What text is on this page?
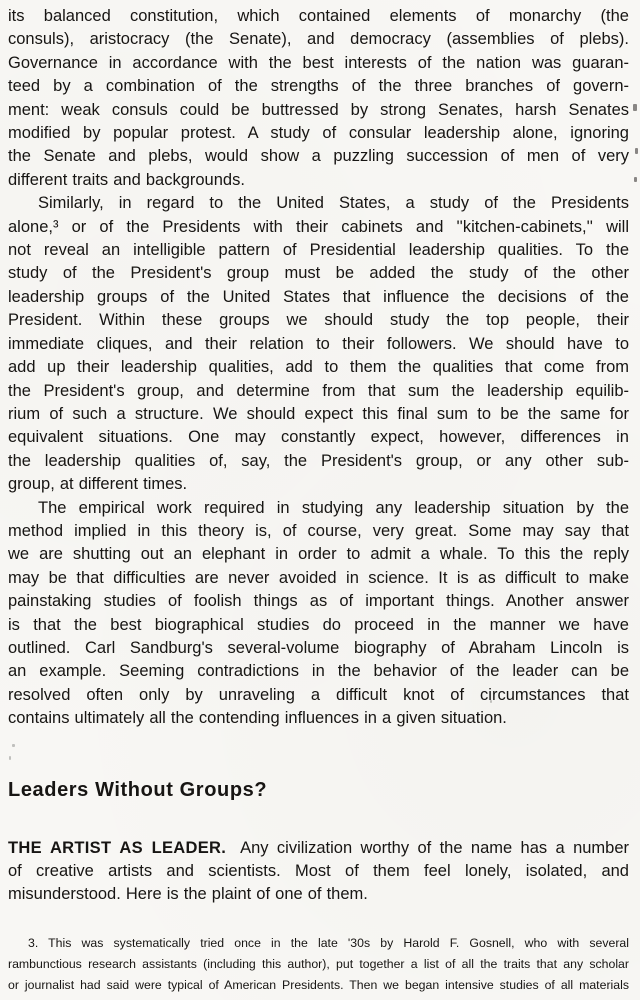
its balanced constitution, which contained elements of monarchy (the
consuls), aristocracy (the Senate), and democracy (assemblies of plebs).
Governance in accordance with the best interests of the nation was guaran-
teed by a combination of the strengths of the three branches of govern-
ment: weak consuls could be buttressed by strong Senates, harsh Senates
modified by popular protest. A study of consular leadership alone, ignoring
the Senate and plebs, would show a puzzling succession of men of very
different traits and backgrounds.
Similarly, in regard to the United States, a study of the Presidents
alone,³ or of the Presidents with their cabinets and ''kitchen-cabinets,'' will
not reveal an intelligible pattern of Presidential leadership qualities. To the
study of the President's group must be added the study of the other
leadership groups of the United States that influence the decisions of the
President. Within these groups we should study the top people, their
immediate cliques, and their relation to their followers. We should have to
add up their leadership qualities, add to them the qualities that come from
the President's group, and determine from that sum the leadership equilib-
rium of such a structure. We should expect this final sum to be the same for
equivalent situations. One may constantly expect, however, differences in
the leadership qualities of, say, the President's group, or any other sub-
group, at different times.
The empirical work required in studying any leadership situation by the
method implied in this theory is, of course, very great. Some may say that
we are shutting out an elephant in order to admit a whale. To this the reply
may be that difficulties are never avoided in science. It is as difficult to make
painstaking studies of foolish things as of important things. Another answer
is that the best biographical studies do proceed in the manner we have
outlined. Carl Sandburg's several-volume biography of Abraham Lincoln is
an example. Seeming contradictions in the behavior of the leader can be
resolved often only by unraveling a difficult knot of circumstances that
contains ultimately all the contending influences in a given situation.
Leaders Without Groups?
THE ARTIST AS LEADER. Any civilization worthy of the name has a number
of creative artists and scientists. Most of them feel lonely, isolated, and
misunderstood. Here is the plaint of one of them.
3. This was systematically tried once in the late '30s by Harold F. Gosnell, who with several
rambunctious research assistants (including this author), put together a list of all the traits that any scholar
or journalist had said were typical of American Presidents. Then we began intensive studies of all materials
